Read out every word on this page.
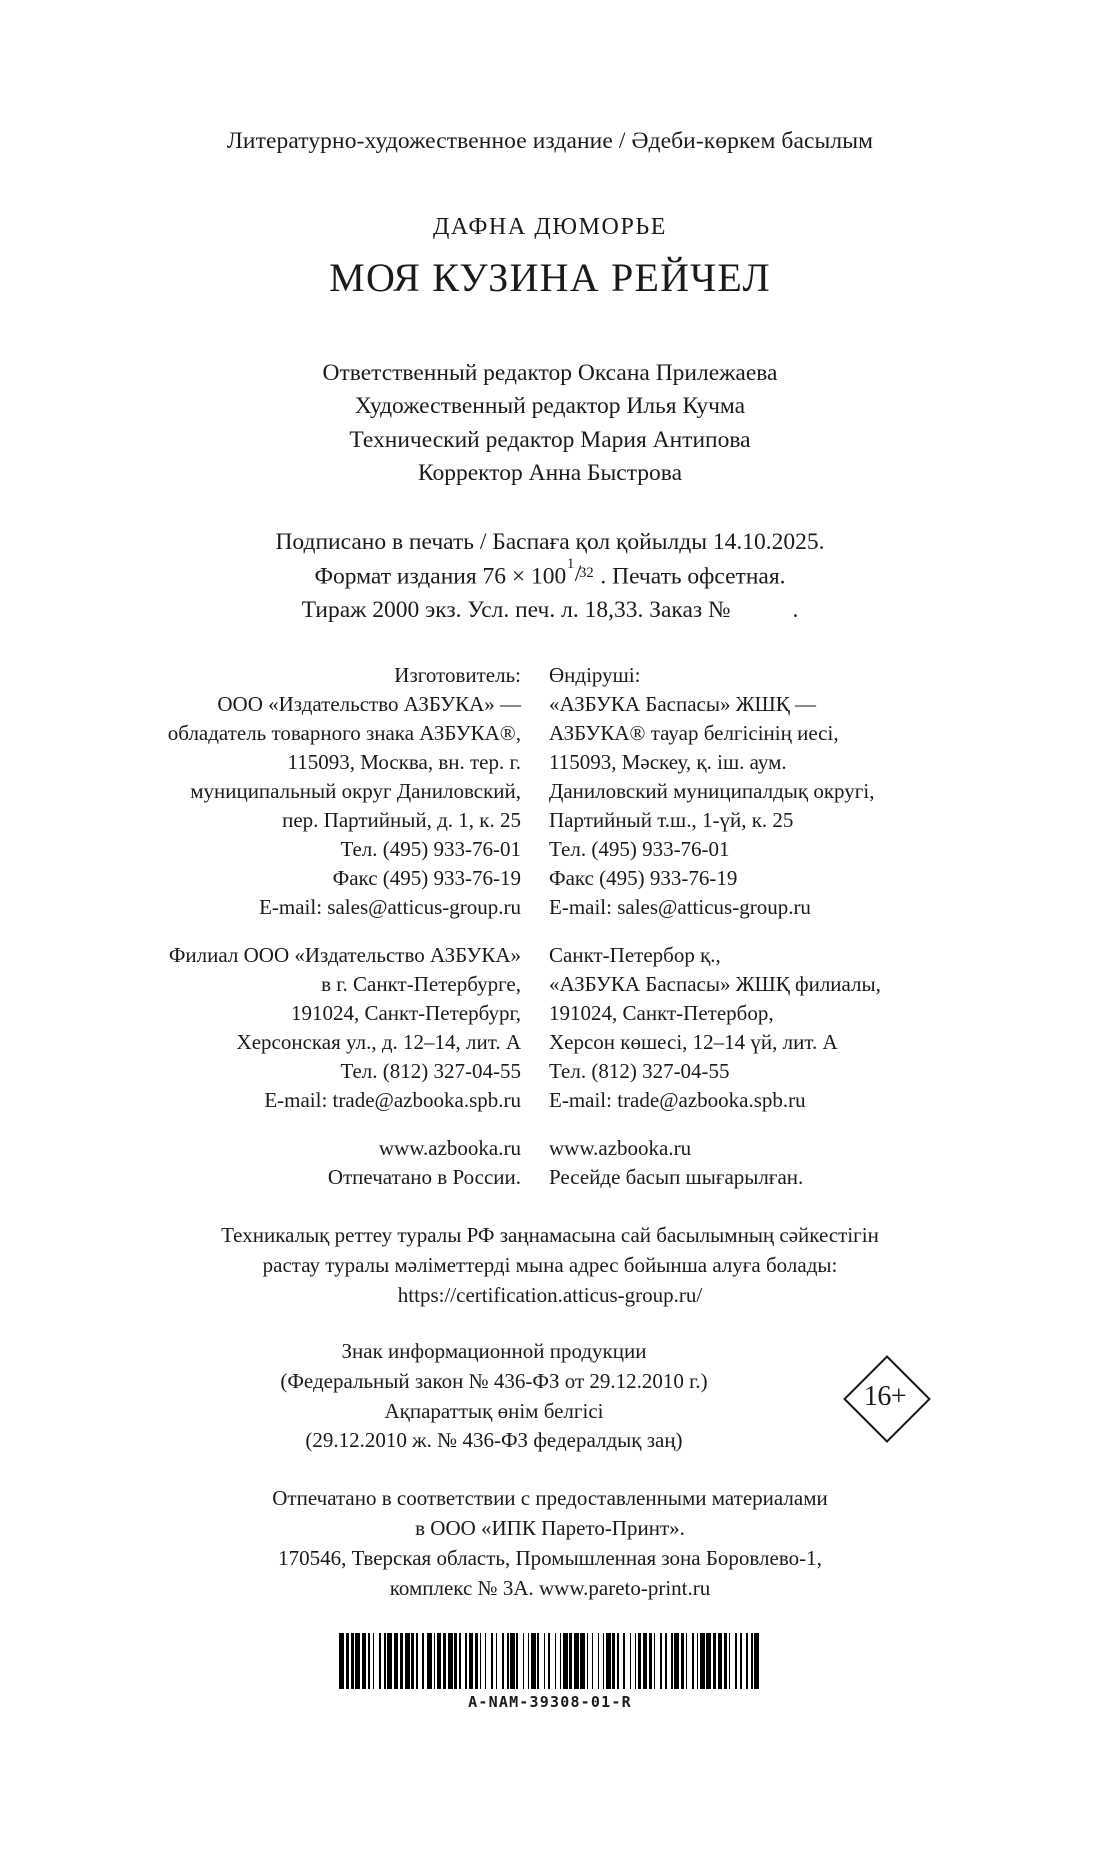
Литературно-художественное издание / Әдеби-көркем басылым
ДАФНА ДЮМОРЬЕ
МОЯ КУЗИНА РЕЙЧЕЛ
Ответственный редактор Оксана Прилежаева
Художественный редактор Илья Кучма
Технический редактор Мария Антипова
Корректор Анна Быстрова
Подписано в печать / Баспаға қол қойылды 14.10.2025.
Формат издания 76 × 100 1 /
32 . Печать офсетная.
Тираж 2000 экз. Усл. печ. л. 18,33. Заказ №	.
Изготовитель:
ООО «Издательство АЗБУКА» —
обладатель товарного знака АЗБУКА®,
115093, Москва, вн. тер. г.
муниципальный округ Даниловский,
пер. Партийный, д. 1, к. 25
Тел. (495) 933-76-01
Факс (495) 933-76-19
E-mail: sales@atticus-group.ru
Филиал ООО «Издательство АЗБУКА»
в г. Санкт-Петербурге,
191024, Санкт-Петербург,
Херсонская ул., д. 12–14, лит. А
Тел. (812) 327-04-55
E-mail: trade@azbooka.spb.ru
www.azbooka.ru
Отпечатано в России.
Өндіруші:
«АЗБУКА Баспасы» ЖШҚ —
АЗБУКА® тауар белгісінің иесі,
115093, Мәскеу, қ. іш. аум.
Даниловский муниципалдық округі,
Партийный т.ш., 1-үй, к. 25
Тел. (495) 933-76-01
Факс (495) 933-76-19
E-mail: sales@atticus-group.ru
Санкт-Петербор қ.,
«АЗБУКА Баспасы» ЖШҚ филиалы,
191024, Санкт-Петербор,
Херсон көшесі, 12–14 үй, лит. А
Тел. (812) 327-04-55
E-mail: trade@azbooka.spb.ru
www.azbooka.ru
Ресейде басып шығарылған.
Техникалық реттеу туралы РФ заңнамасына сай басылымның сәйкестігін
растау туралы мәліметтерді мына адрес бойынша алуға болады:
https://certification.atticus-group.ru/
Знак информационной продукции
(Федеральный закон № 436-ФЗ от 29.12.2010 г.)
Ақпараттық өнім белгісі
(29.12.2010 ж. № 436-ФЗ федералдық заң)
16+
Отпечатано в соответствии с предоставленными материалами
в ООО «ИПК Парето-Принт».
170546, Тверская область, Промышленная зона Боровлево-1,
комплекс № 3А. www.pareto-print.ru
A-NAM-39308-01-R
